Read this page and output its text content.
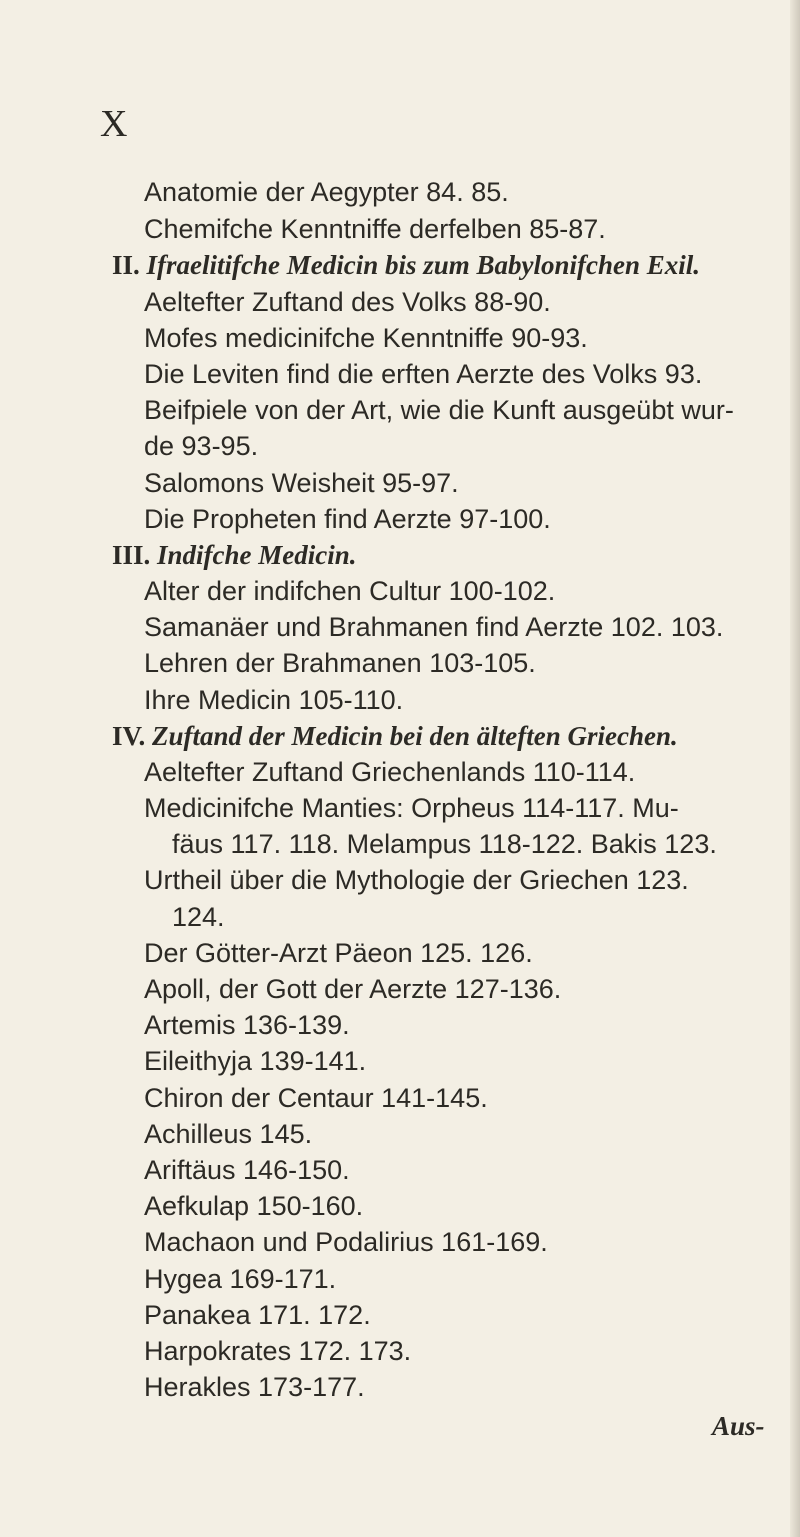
X
Anatomie der Aegypter 84. 85.
Chemifche Kenntniffe derfelben 85-87.
II. Ifraelitifche Medicin bis zum Babylonifchen Exil.
Aeltefter Zuftand des Volks 88-90.
Mofes medicinifche Kenntniffe 90-93.
Die Leviten find die erften Aerzte des Volks 93.
Beifpiele von der Art, wie die Kunft ausgeübt wur-
de 93-95.
Salomons Weisheit 95-97.
Die Propheten find Aerzte 97-100.
III. Indifche Medicin.
Alter der indifchen Cultur 100-102.
Samanäer und Brahmanen find Aerzte 102. 103.
Lehren der Brahmanen 103-105.
Ihre Medicin 105-110.
IV. Zuftand der Medicin bei den älteften Griechen.
Aeltefter Zuftand Griechenlands 110-114.
Medicinifche Manties: Orpheus 114-117. Mu-
fäus 117. 118. Melampus 118-122. Bakis 123.
Urtheil über die Mythologie der Griechen 123.
124.
Der Götter-Arzt Päeon 125. 126.
Apoll, der Gott der Aerzte 127-136.
Artemis 136-139.
Eileithyja 139-141.
Chiron der Centaur 141-145.
Achilleus 145.
Ariftäus 146-150.
Aefkulap 150-160.
Machaon und Podalirius 161-169.
Hygea 169-171.
Panakea 171. 172.
Harpokrates 172. 173.
Herakles 173-177.
Aus-
